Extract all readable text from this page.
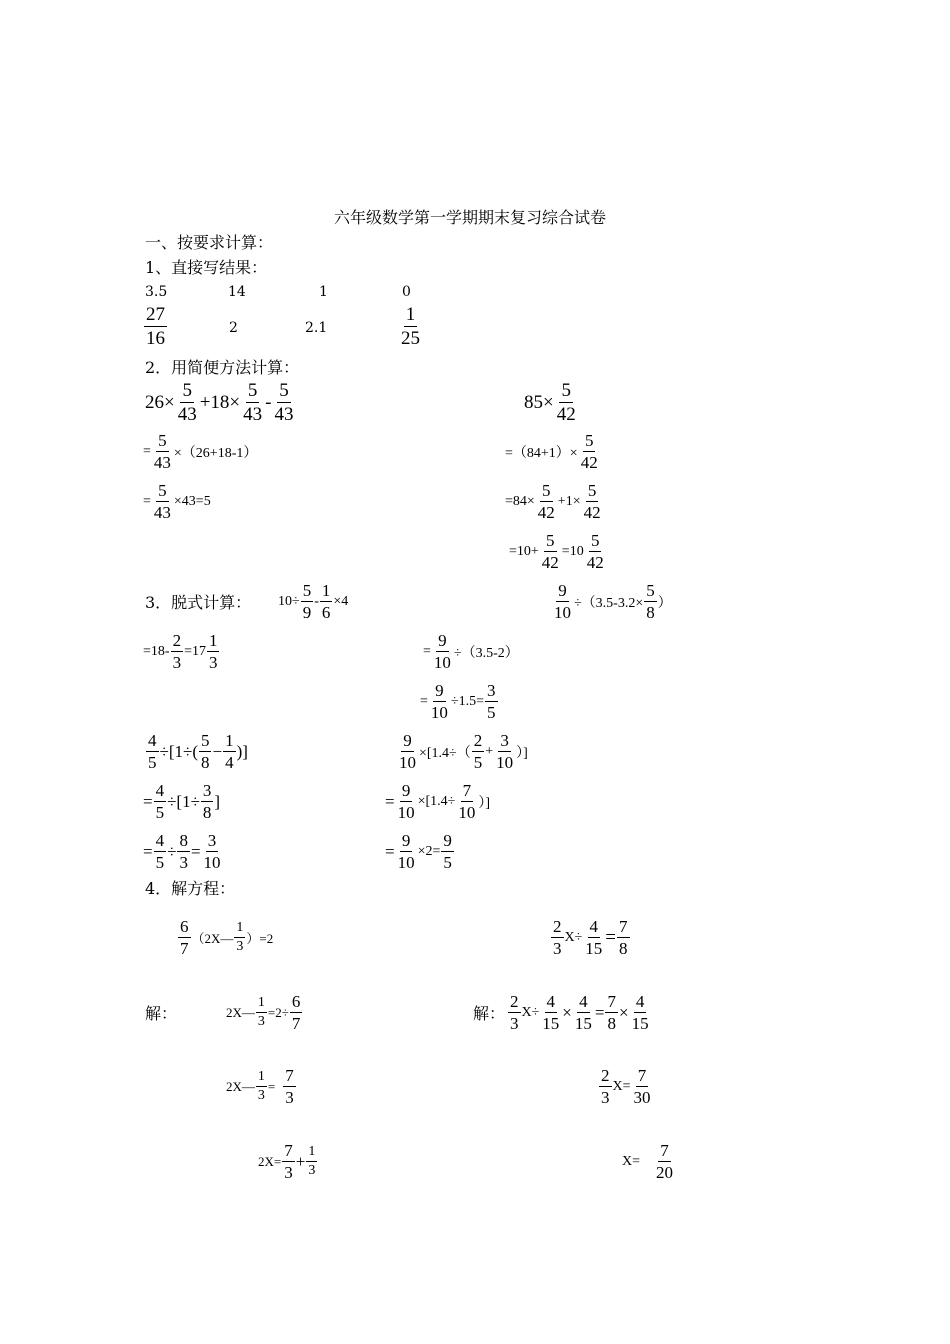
六年级数学第一学期期末复习综合试卷
一、按要求计算：
1、直接写结果：
3.5	14	1	0
$\frac{27}{16}$	2	2.1	$\frac{1}{25}$
2．用简便方法计算：
$26\times \frac{5}{43} +18\times \frac{5}{43} - \frac{5}{43}$
= $\frac{5}{43} \times(26+18-1)$
= $\frac{5}{43} \times 43=5$
$85\times \frac{5}{42}$
$=(84+1)\times \frac{5}{42}$
$=84\times \frac{5}{42} +1\times \frac{5}{42}$
$=10+ \frac{5}{42} =10 \frac{5}{42}$
3．脱式计算： $10\div \frac{5}{9} - \frac{1}{6} \times 4$	$\frac{9}{10} \div(3.5-3.2\times \frac{5}{8}$ ）
$=18- \frac{2}{3} =17 \frac{1}{3}$	= $\frac{9}{10} \div(3.5-2)$
= $\frac{9}{10} \div 1.5= \frac{3}{5}$
$\frac{4}{5} \div[1\div( \frac{5}{8} - \frac{1}{4}$ )]
= $\frac{4}{5} \div[1\div \frac{3}{8}$ ]
= $\frac{4}{5} \div \frac{8}{3} = \frac{3}{10}$
$\frac{9}{10} \times[1.4\div( \frac{2}{5} + \frac{3}{10}$ ）]
= $\frac{9}{10} \times[1.4\div \frac{7}{10}$ ）]
= $\frac{9}{10} \times 2= \frac{9}{5}$
4．解方程：
$\frac{6}{7}$ （2X— $\frac{1}{3} )=2$	$\frac{2}{3} X\div \frac{4}{15} = \frac{7}{8}$
解：	解：
2X— $\frac{1}{3} =2\div \frac{6}{7}$	$\frac{2}{3} X\div \frac{4}{15} \times \frac{4}{15} = \frac{7}{8} \times \frac{4}{15}$
2X— $\frac{1}{3} = \frac{7}{3}$	$\frac{2}{3} X= \frac{7}{30}$
$2X= \frac{7}{3} + \frac{1}{3}$	$X= \frac{7}{20}$
